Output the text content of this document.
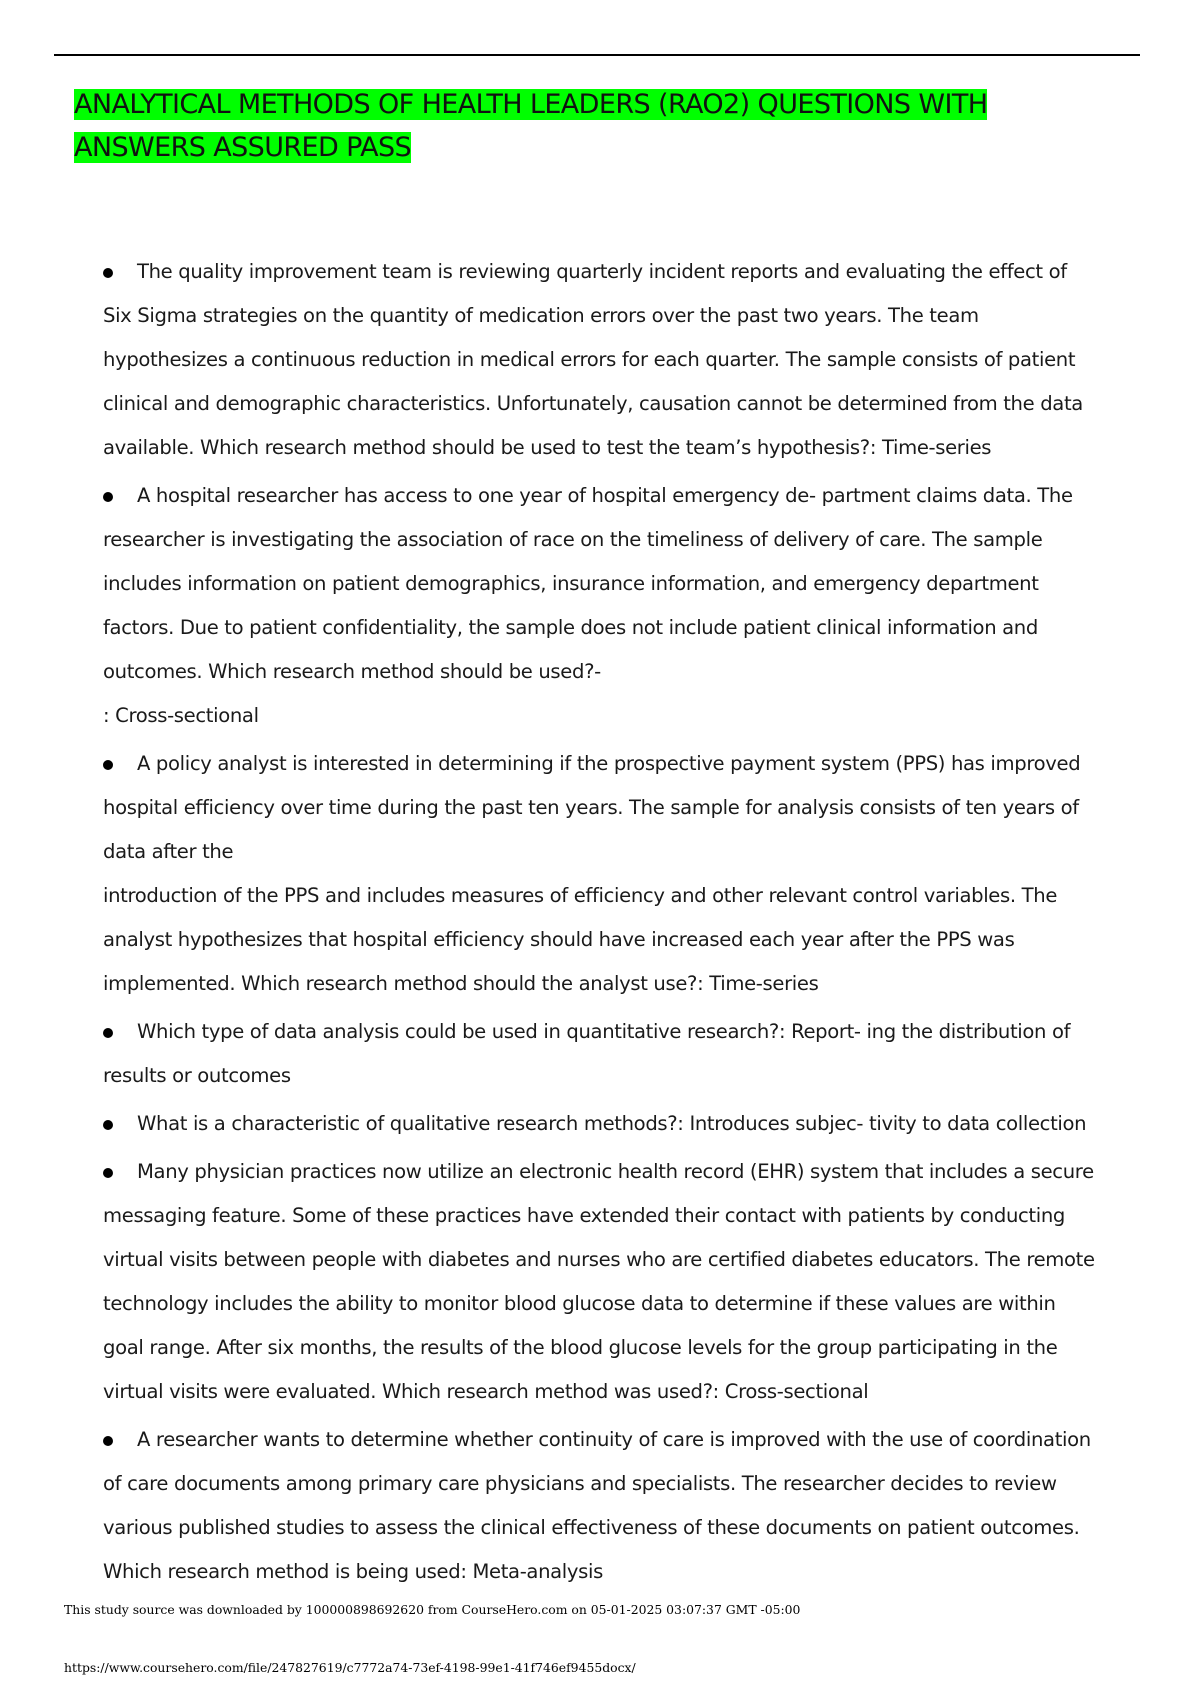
ANALYTICAL METHODS OF HEALTH LEADERS (RAO2) QUESTIONS WITH
ANSWERS ASSURED PASS
The quality improvement team is reviewing quarterly incident reports and evaluating the effect of
Six Sigma strategies on the quantity of medication errors over the past two years. The team
hypothesizes a continuous reduction in medical errors for each quarter. The sample consists of patient
clinical and demographic characteristics. Unfortunately, causation cannot be determined from the data
available. Which research method should be used to test the team’s hypothesis?: Time-series
A hospital researcher has access to one year of hospital emergency de- partment claims data. The
researcher is investigating the association of race on the timeliness of delivery of care. The sample
includes information on patient demographics, insurance information, and emergency department
factors. Due to patient confidentiality, the sample does not include patient clinical information and
outcomes. Which research method should be used?-
: Cross-sectional
A policy analyst is interested in determining if the prospective payment system (PPS) has improved
hospital efficiency over time during the past ten years. The sample for analysis consists of ten years of
data after the
introduction of the PPS and includes measures of efficiency and other relevant control variables. The
analyst hypothesizes that hospital efficiency should have increased each year after the PPS was
implemented. Which research method should the analyst use?: Time-series
Which type of data analysis could be used in quantitative research?: Report- ing the distribution of
results or outcomes
What is a characteristic of qualitative research methods?: Introduces subjec- tivity to data collection
Many physician practices now utilize an electronic health record (EHR) system that includes a secure
messaging feature. Some of these practices have extended their contact with patients by conducting
virtual visits between people with diabetes and nurses who are certified diabetes educators. The remote
technology includes the ability to monitor blood glucose data to determine if these values are within
goal range. After six months, the results of the blood glucose levels for the group participating in the
virtual visits were evaluated. Which research method was used?: Cross-sectional
A researcher wants to determine whether continuity of care is improved with the use of coordination
of care documents among primary care physicians and specialists. The researcher decides to review
various published studies to assess the clinical effectiveness of these documents on patient outcomes.
Which research method is being used: Meta-analysis
This study source was downloaded by 100000898692620 from CourseHero.com on 05-01-2025 03:07:37 GMT -05:00
https://www.coursehero.com/file/247827619/c7772a74-73ef-4198-99e1-41f746ef9455docx/
